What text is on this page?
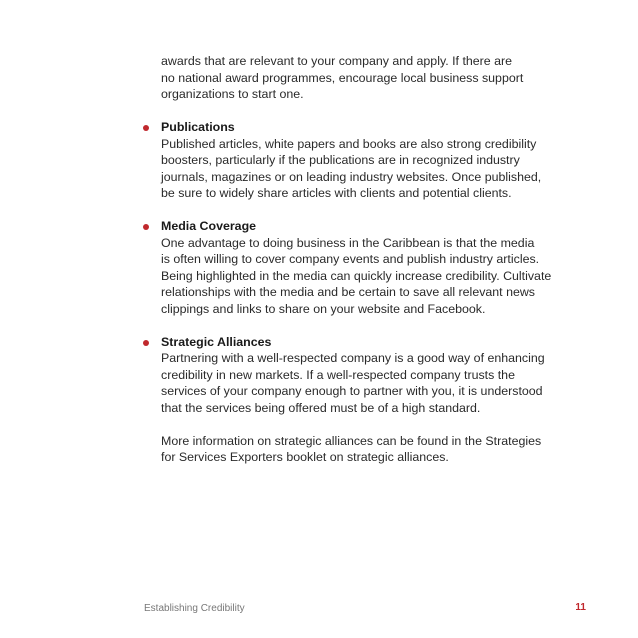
awards that are relevant to your company and apply. If there are

no national award programmes, encourage local business support

organizations to start one.

Publications

Published articles, white papers and books are also strong credibility

boosters, particularly if the publications are in recognized industry

journals, magazines or on leading industry websites. Once published,

be sure to widely share articles with clients and potential clients.

Media Coverage

One advantage to doing business in the Caribbean is that the media

is often willing to cover company events and publish industry articles.

Being highlighted in the media can quickly increase credibility. Cultivate

relationships with the media and be certain to save all relevant news

clippings and links to share on your website and Facebook.

Strategic Alliances

Partnering with a well-respected company is a good way of enhancing

credibility in new markets. If a well-respected company trusts the

services of your company enough to partner with you, it is understood

that the services being offered must be of a high standard.

More information on strategic alliances can be found in the Strategies

for Services Exporters booklet on strategic alliances.

Establishing Credibility	11
